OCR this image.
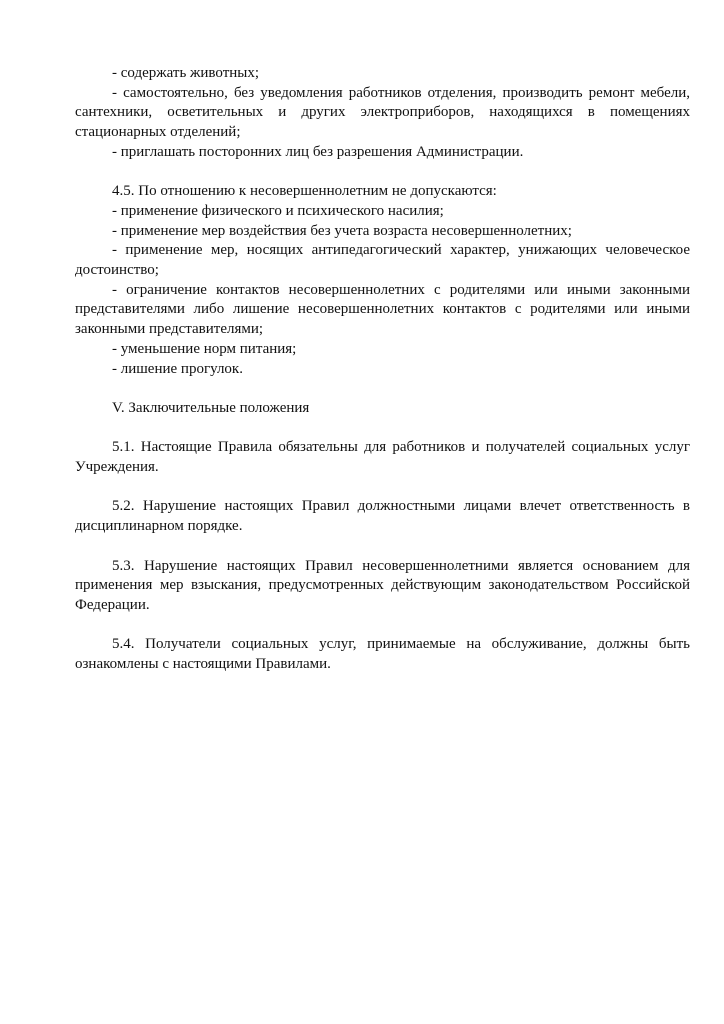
- содержать животных;

- самостоятельно, без уведомления работников отделения, производить ремонт мебели, сантехники, осветительных и других электроприборов, находящихся в помещениях стационарных отделений;

- приглашать посторонних лиц без разрешения Администрации.

4.5. По отношению к несовершеннолетним не допускаются:

- применение физического и психического насилия;

- применение мер воздействия без учета возраста несовершеннолетних;

- применение мер, носящих антипедагогический характер, унижающих человеческое достоинство;

- ограничение контактов несовершеннолетних с родителями или иными законными представителями либо лишение несовершеннолетних контактов с родителями или иными законными представителями;

- уменьшение норм питания;

- лишение прогулок.

V. Заключительные положения

5.1. Настоящие Правила обязательны для работников и получателей социальных услуг Учреждения.

5.2. Нарушение настоящих Правил должностными лицами влечет ответственность в дисциплинарном порядке.

5.3. Нарушение настоящих Правил несовершеннолетними является основанием для применения мер взыскания, предусмотренных действующим законодательством Российской Федерации.

5.4. Получатели социальных услуг, принимаемые на обслуживание, должны быть ознакомлены с настоящими Правилами.
